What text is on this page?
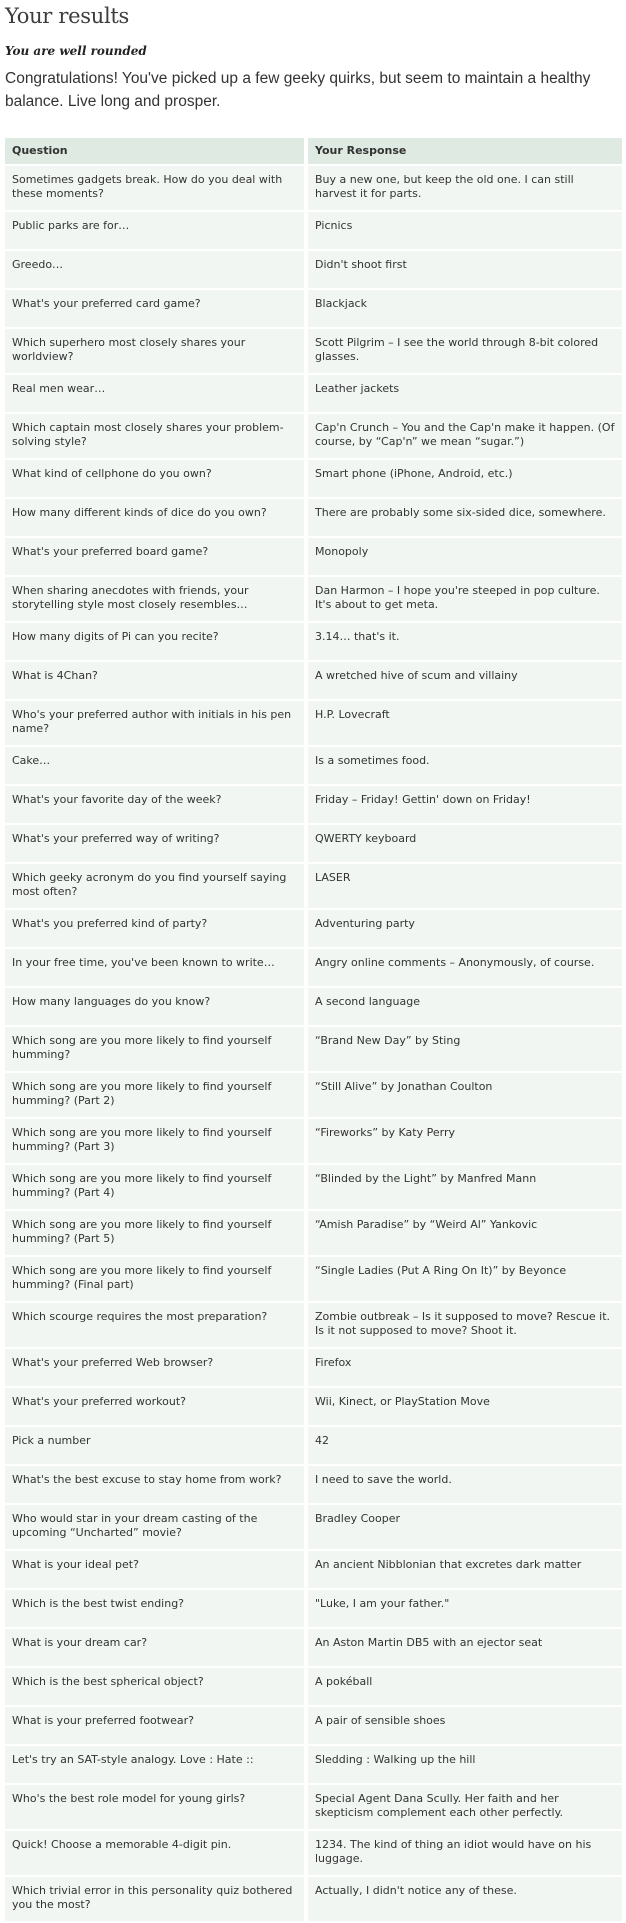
Your results
You are well rounded
Congratulations! You've picked up a few geeky quirks, but seem to maintain a healthy balance. Live long and prosper.
Question		Your Response
Sometimes gadgets break. How do you deal with these moments?		Buy a new one, but keep the old one. I can still harvest it for parts.
Public parks are for…		Picnics
Greedo…		Didn't shoot first
What's your preferred card game?		Blackjack
Which superhero most closely shares your worldview?		Scott Pilgrim – I see the world through 8-bit colored glasses.
Real men wear…		Leather jackets
Which captain most closely shares your problem-solving style?		Cap'n Crunch – You and the Cap'n make it happen. (Of course, by “Cap'n” we mean “sugar.”)
What kind of cellphone do you own?		Smart phone (iPhone, Android, etc.)
How many different kinds of dice do you own?		There are probably some six-sided dice, somewhere.
What's your preferred board game?		Monopoly
When sharing anecdotes with friends, your storytelling style most closely resembles…		Dan Harmon – I hope you're steeped in pop culture. It's about to get meta.
How many digits of Pi can you recite?		3.14… that's it.
What is 4Chan?		A wretched hive of scum and villainy
Who's your preferred author with initials in his pen name?		H.P. Lovecraft
Cake…		Is a sometimes food.
What's your favorite day of the week?		Friday – Friday! Gettin' down on Friday!
What's your preferred way of writing?		QWERTY keyboard
Which geeky acronym do you find yourself saying most often?		LASER
What's you preferred kind of party?		Adventuring party
In your free time, you've been known to write…		Angry online comments – Anonymously, of course.
How many languages do you know?		A second language
Which song are you more likely to find yourself humming?		“Brand New Day” by Sting
Which song are you more likely to find yourself humming? (Part 2)		“Still Alive” by Jonathan Coulton
Which song are you more likely to find yourself humming? (Part 3)		“Fireworks” by Katy Perry
Which song are you more likely to find yourself humming? (Part 4)		“Blinded by the Light” by Manfred Mann
Which song are you more likely to find yourself humming? (Part 5)		“Amish Paradise” by “Weird Al” Yankovic
Which song are you more likely to find yourself humming? (Final part)		“Single Ladies (Put A Ring On It)” by Beyonce
Which scourge requires the most preparation?		Zombie outbreak – Is it supposed to move? Rescue it. Is it not supposed to move? Shoot it.
What's your preferred Web browser?		Firefox
What's your preferred workout?		Wii, Kinect, or PlayStation Move
Pick a number		42
What's the best excuse to stay home from work?		I need to save the world.
Who would star in your dream casting of the upcoming “Uncharted” movie?		Bradley Cooper
What is your ideal pet?		An ancient Nibblonian that excretes dark matter
Which is the best twist ending?		"Luke, I am your father."
What is your dream car?		An Aston Martin DB5 with an ejector seat
Which is the best spherical object?		A pokéball
What is your preferred footwear?		A pair of sensible shoes
Let's try an SAT-style analogy. Love : Hate ::		Sledding : Walking up the hill
Who's the best role model for young girls?		Special Agent Dana Scully. Her faith and her skepticism complement each other perfectly.
Quick! Choose a memorable 4-digit pin.		1234. The kind of thing an idiot would have on his luggage.
Which trivial error in this personality quiz bothered you the most?		Actually, I didn't notice any of these.
